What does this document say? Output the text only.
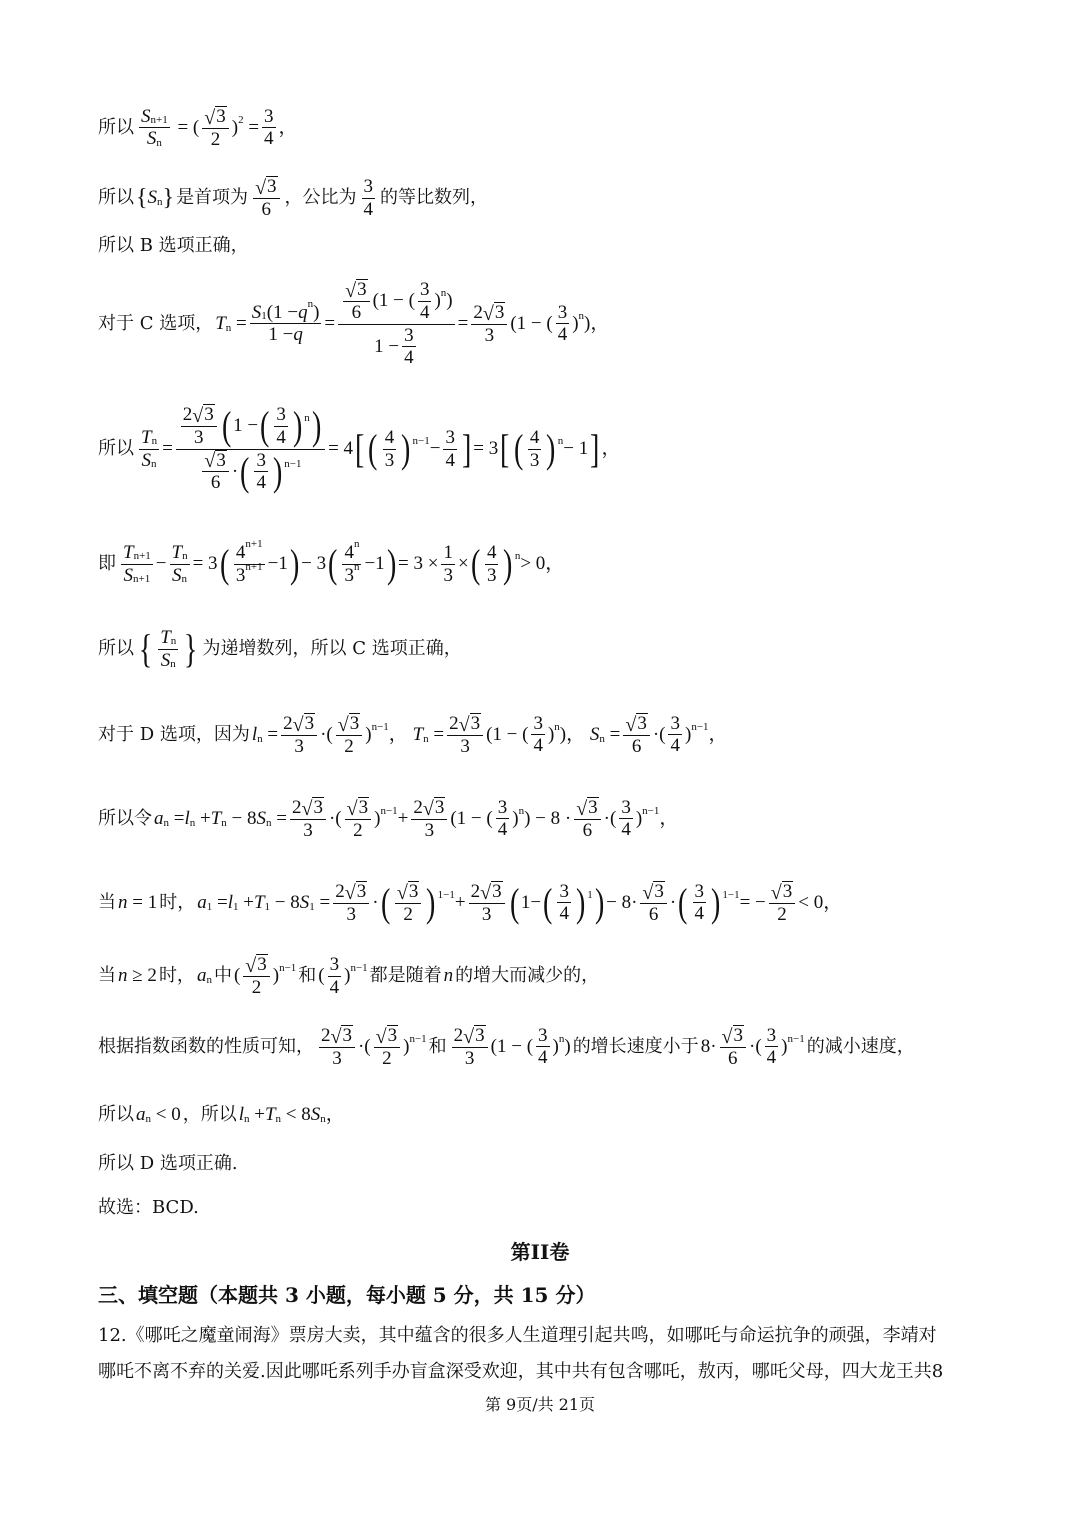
所以 $\frac{S_{n+1}}{S_n}$ = ( $\frac{√ 3}{2} )^2 = \frac{3}{4}$ ，
所以 { $S_n$ } 是首项为 $\frac{√ 3}{6}$ ，公比为 $\frac{3}{4}$ 的等比数列，
所以 B 选项正确，
对于 C 选项， $T_n = \frac{S_1 (1 - q^n )}{1 - q} = \frac{\frac{√ 3}{6} (1 - ( \frac{3}{4} )^n )}{1 - \frac{3}{4}} = \frac{2 √ 3}{3} (1$ − ( $\frac{3}{4} )^n$ )，
所以 $\frac{T_n}{S_n} = \frac{\frac{2 √ 3}{3} ( 1 - ( \frac{3}{4} )^n )}{\frac{√ 3}{6} \cdot ( \frac{3}{4} )^{n-1}} = 4$ [ ( $\frac{4}{3} )^{n-1} - \frac{3}{4}$ ] = 3 [ ( $\frac{4}{3} )^n - 1$ ] ，
即 $\frac{T_{n+1}}{S_{n+1}} - \frac{T_n}{S_n} = 3$ ( $\frac{4^{n+1}}{3^{n+1}} -1$ ) − 3 ( $\frac{4^n}{3^n} -1$ ) = $3 \times \frac{1}{3}$ × ( $\frac{4}{3} )^n > 0$，
所以 { $\frac{T_n}{S_n}$ } 为递增数列，所以 C 选项正确，
对于 D 选项，因为 $l_n = \frac{2 √ 3}{3}$ ·( $\frac{√ 3}{2} )^{n-1}$ ， $T_n = \frac{2 √ 3}{3} (1$ − ( $\frac{3}{4} )^n$ )， $S_n = \frac{√ 3}{6}$ ·( $\frac{3}{4} )^{n-1}$ ，
所以令 $a_n = l_n + T_n - 8$ $S_n = \frac{2 √ 3}{3}$ ·( $\frac{√ 3}{2} )^{n-1} + \frac{2 √ 3}{3} (1$ − ( $\frac{3}{4} )^n$ ) − $8 \cdot \frac{√ 3}{6}$ ·( $\frac{3}{4} )^{n-1}$ ，
当 n = 1 时， $a_1 = l_1 + T_1 - 8$ $S_1 = \frac{2 √ 3}{3}$ · ( $\frac{√ 3}{2} )^{1-1} + \frac{2 √ 3}{3}$ ( 1− ( $\frac{3}{4} )^1$ ) − $8\cdot \frac{√ 3}{6}$ · ( $\frac{3}{4} )^{1-1}$ = − $\frac{√ 3}{2} < 0$，
当 n ≥ 2 时， $a_n$ 中 ( $\frac{√ 3}{2} )^{n-1}$ 和 ( $\frac{3}{4} )^{n-1}$ 都是随着 n 的增大而减少的，
根据指数函数的性质可知， $\frac{2 √ 3}{3}$ ·( $\frac{√ 3}{2} )^{n-1}$ 和 $\frac{2 √ 3}{3} (1$ − ( $\frac{3}{4} )^n$ ) 的增长速度小于 $8\cdot \frac{√ 3}{6}$ ·( $\frac{3}{4} )^{n-1}$ 的减小速度，
所以 $a_n < 0$ ，所以 $l_n + T_n < 8$ $S_n$ ，
所以 D 选项正确.
故选：BCD.
第II卷
三、填空题（本题共 3 小题，每小题 5 分，共 15 分）
12.《哪吒之魔童闹海》票房大卖，其中蕴含的很多人生道理引起共鸣，如哪吒与命运抗争的顽强，李靖对
哪吒不离不弃的关爱.因此哪吒系列手办盲盒深受欢迎，其中共有包含哪吒，敖丙，哪吒父母，四大龙王共8
第 9页/共 21页
